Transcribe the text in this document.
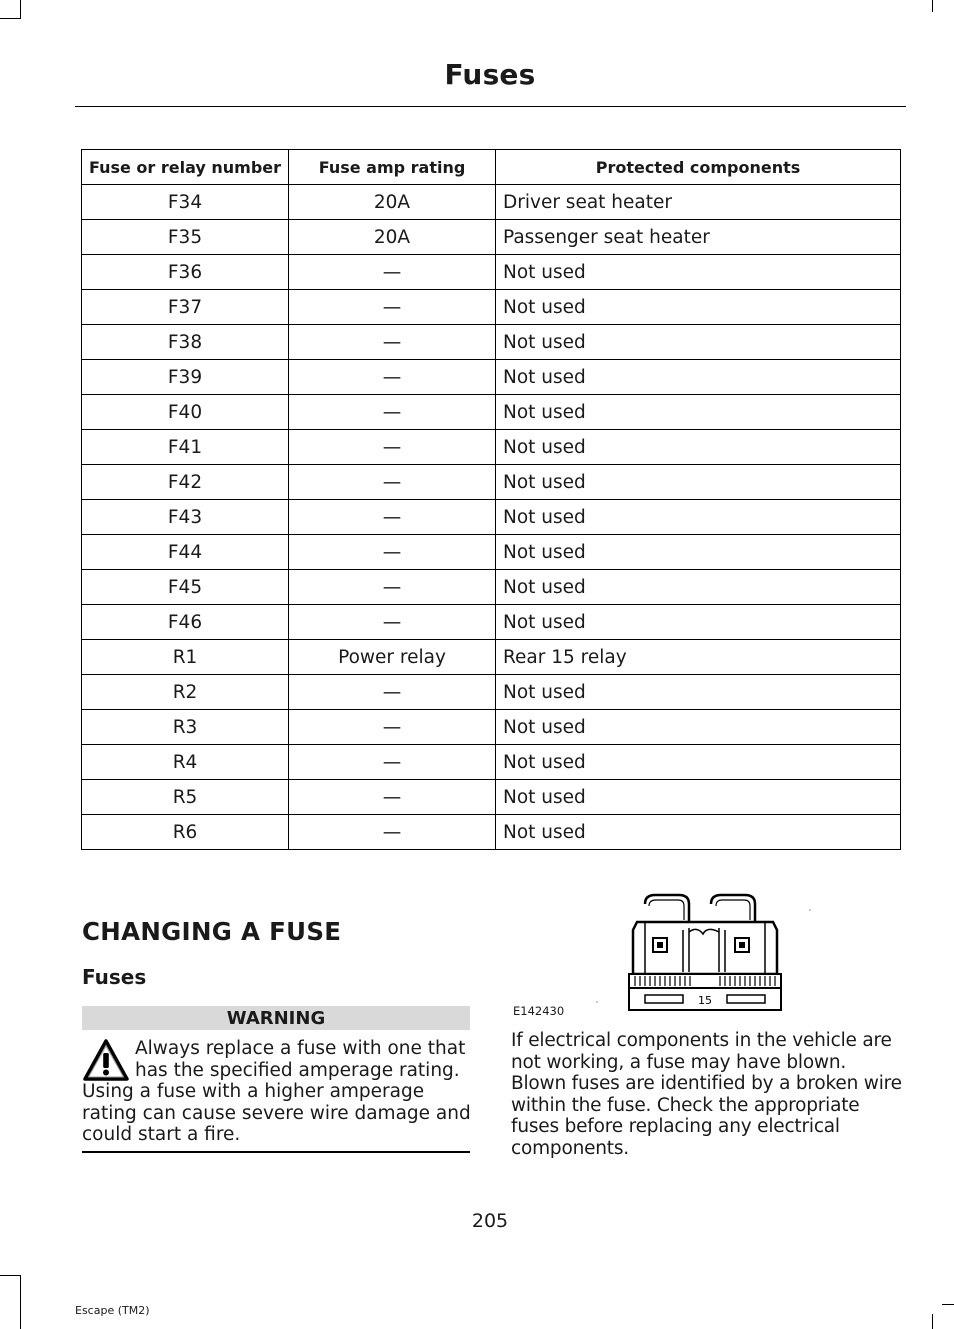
Fuses
Fuse or relay number	Fuse amp rating	Protected components
F34	20A	Driver seat heater
F35	20A	Passenger seat heater
F36	—	Not used
F37	—	Not used
F38	—	Not used
F39	—	Not used
F40	—	Not used
F41	—	Not used
F42	—	Not used
F43	—	Not used
F44	—	Not used
F45	—	Not used
F46	—	Not used
R1	Power relay	Rear 15 relay
R2	—	Not used
R3	—	Not used
R4	—	Not used
R5	—	Not used
R6	—	Not used
CHANGING A FUSE
Fuses
WARNING
Always replace a fuse with one that has the specified amperage rating. Using a fuse with a higher amperage rating can cause severe wire damage and could start a fire.
15
E142430
If electrical components in the vehicle are not working, a fuse may have blown. Blown fuses are identified by a broken wire within the fuse. Check the appropriate fuses before replacing any electrical components.
205
Escape (TM2)
